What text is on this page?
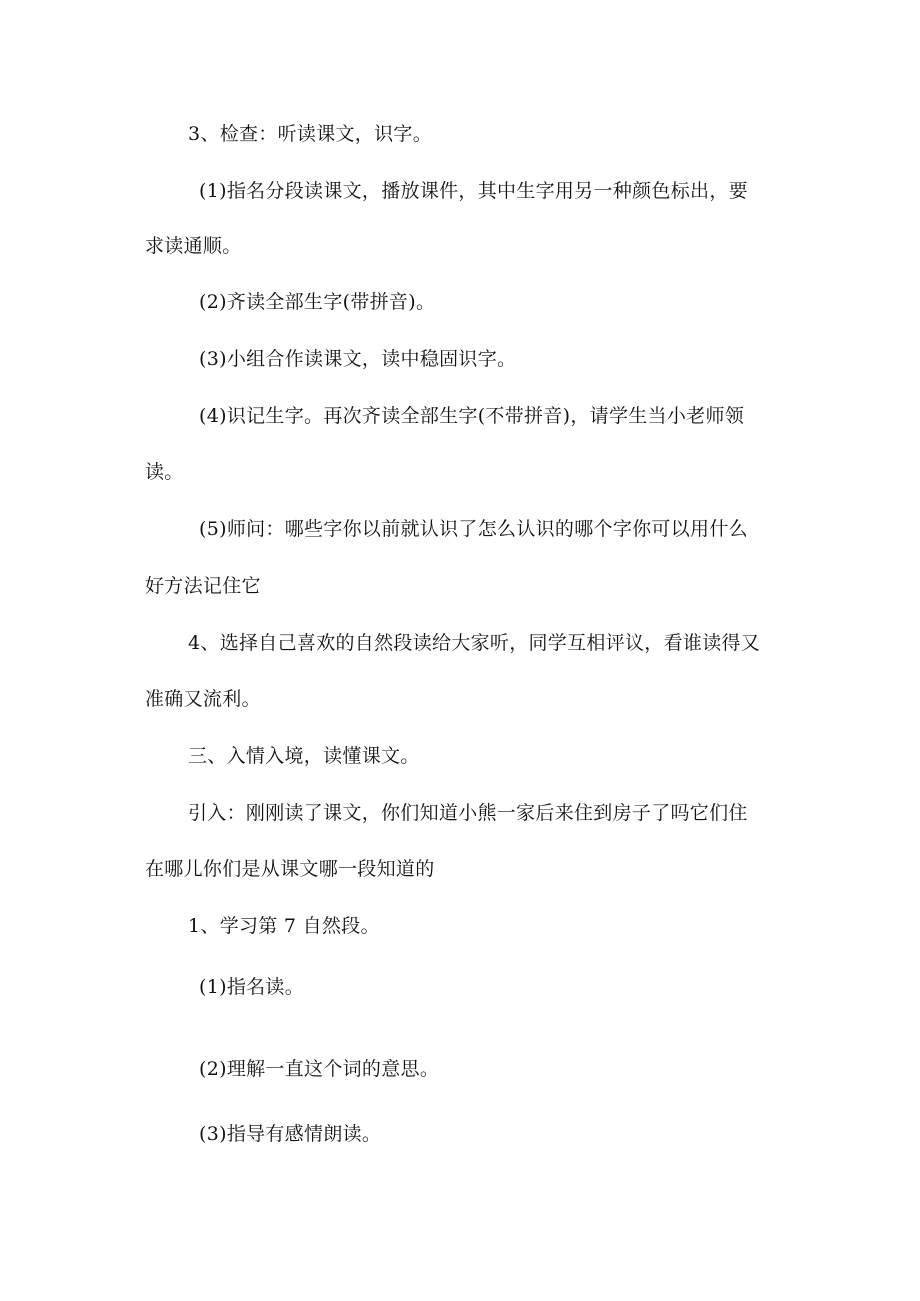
3、检查：听读课文，识字。
(1)指名分段读课文，播放课件，其中生字用另一种颜色标出，要
求读通顺。
(2)齐读全部生字(带拼音)。
(3)小组合作读课文，读中稳固识字。
(4)识记生字。再次齐读全部生字(不带拼音)，请学生当小老师领
读。
(5)师问：哪些字你以前就认识了怎么认识的哪个字你可以用什么
好方法记住它
4、选择自己喜欢的自然段读给大家听，同学互相评议，看谁读得又
准确又流利。
三、入情入境，读懂课文。
引入：刚刚读了课文，你们知道小熊一家后来住到房子了吗它们住
在哪儿你们是从课文哪一段知道的
1、学习第 7 自然段。
(1)指名读。
(2)理解一直这个词的意思。
(3)指导有感情朗读。
